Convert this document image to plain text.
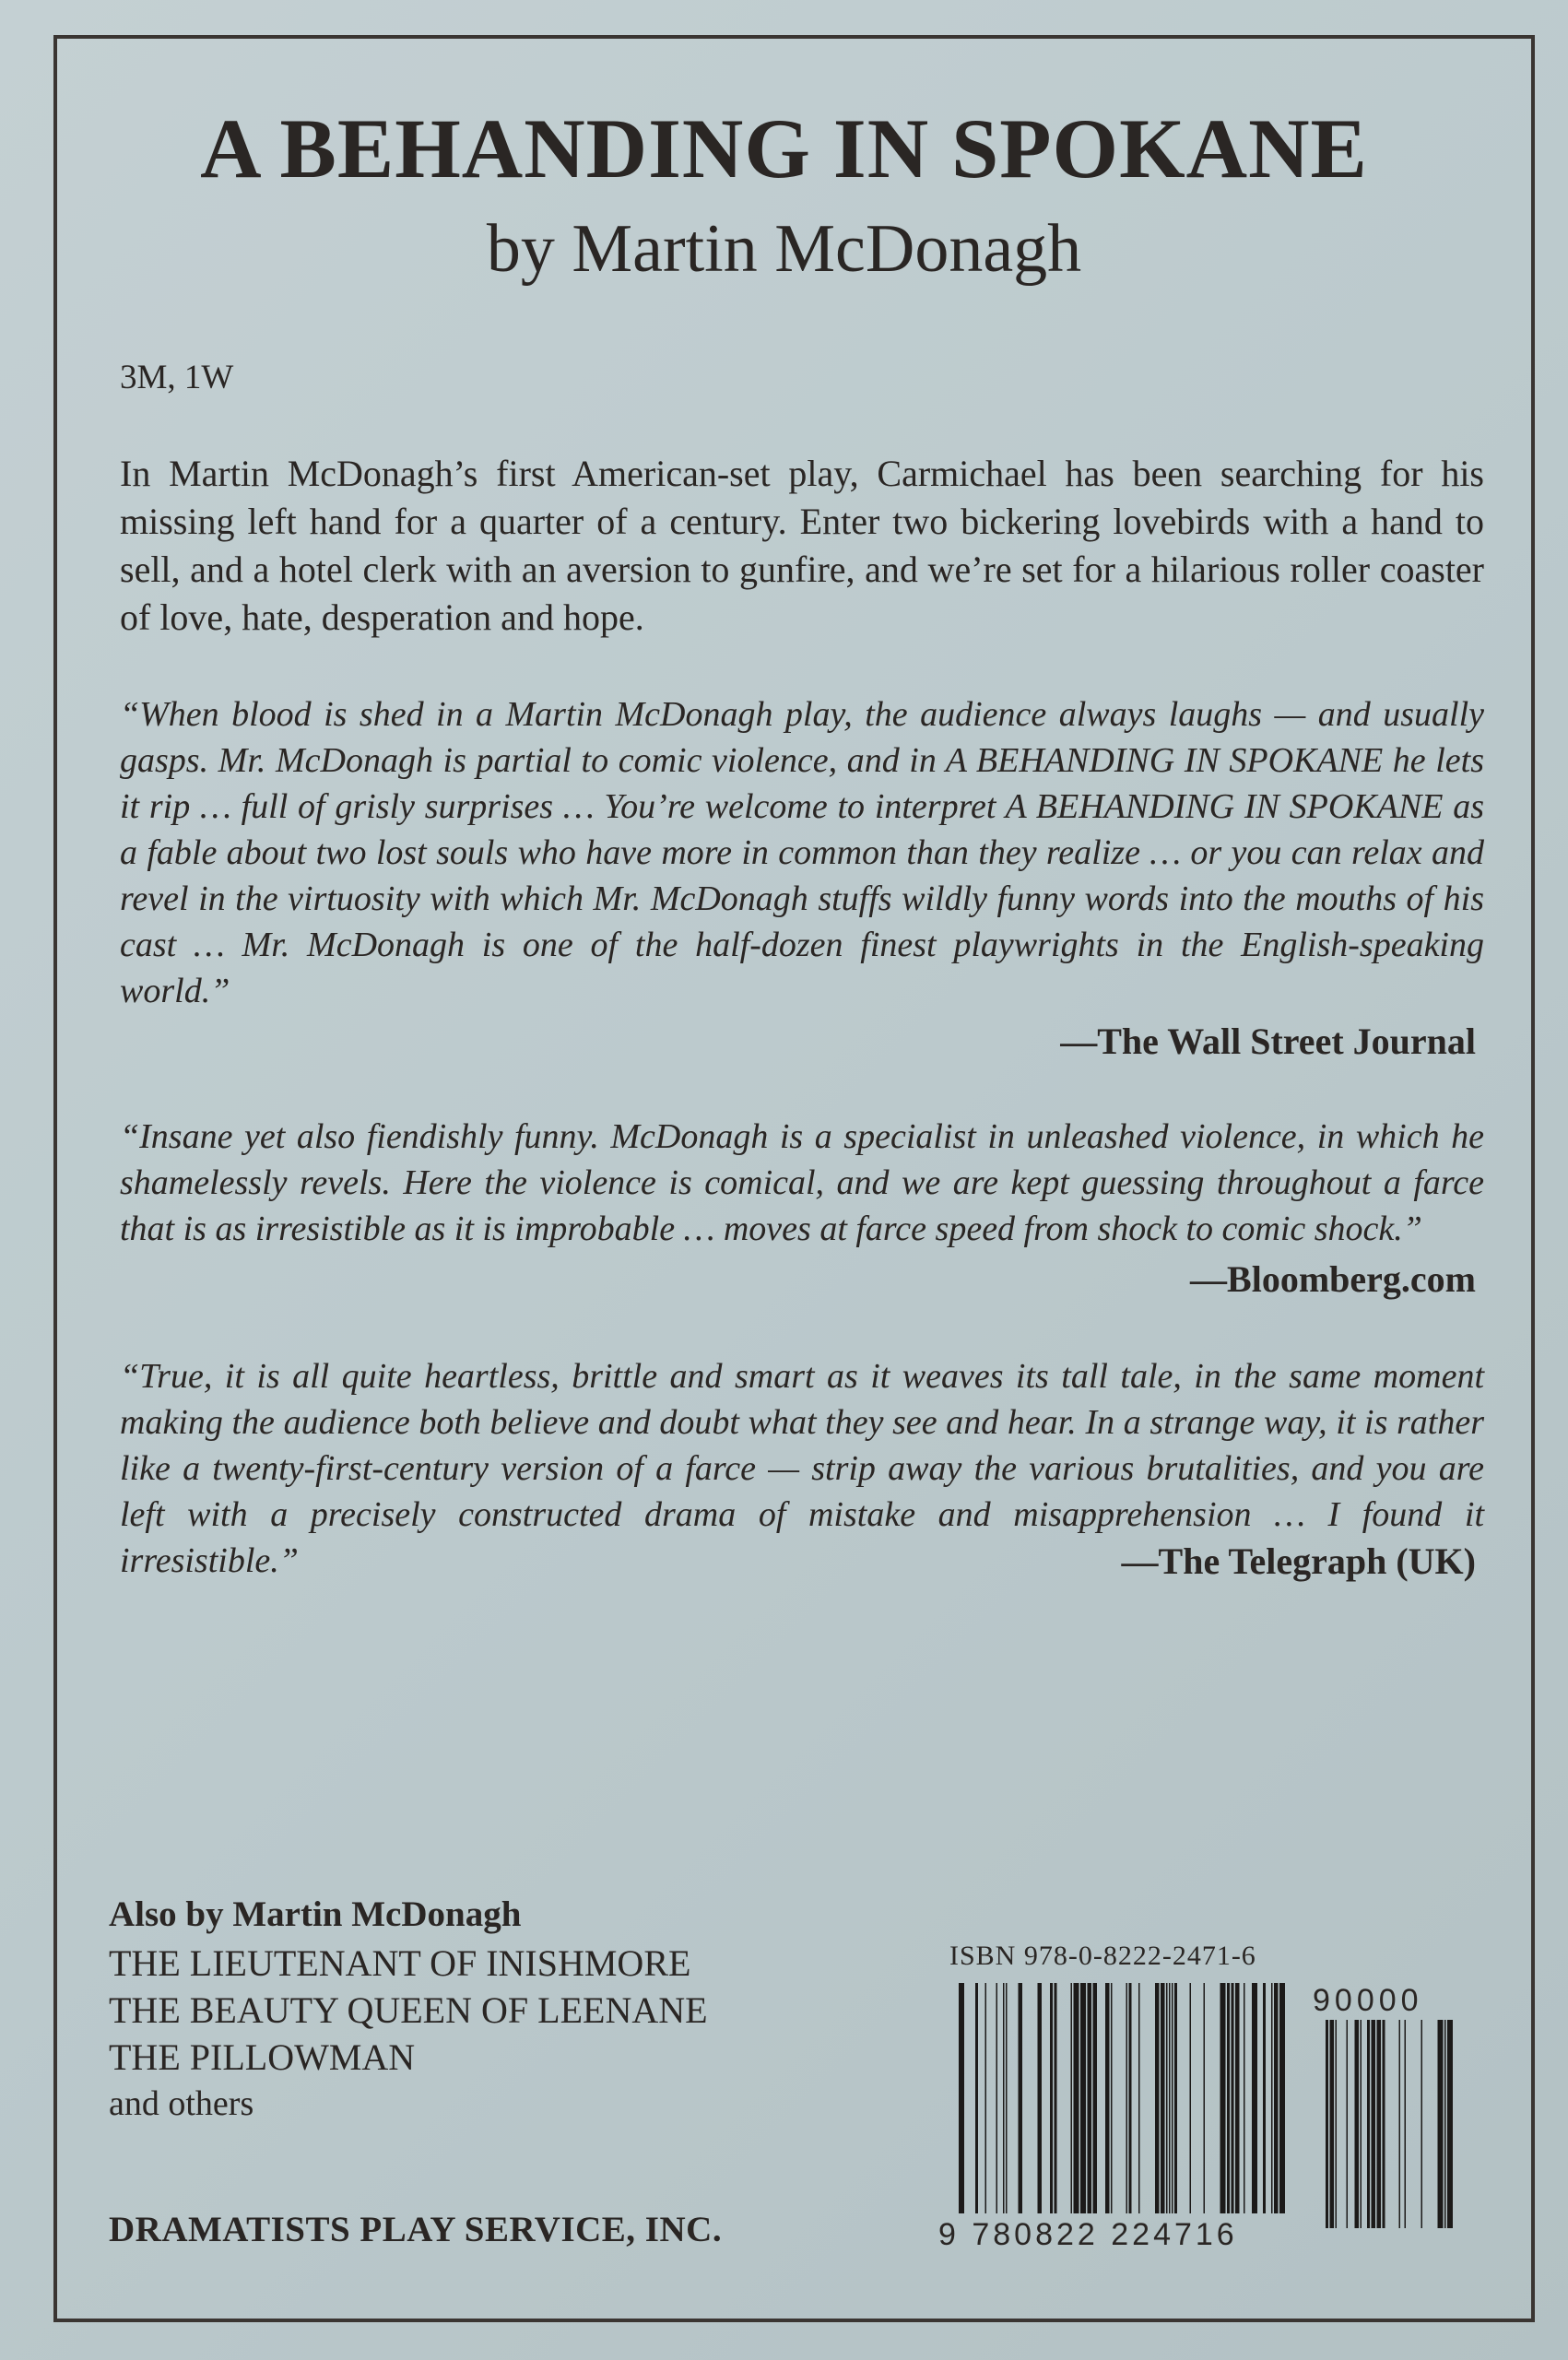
A BEHANDING IN SPOKANE
by Martin McDonagh
3M, 1W

In Martin McDonagh’s first American-set play, Carmichael has been searching for his missing left hand for a quarter of a century. Enter two bickering lovebirds with a hand to sell, and a hotel clerk with an aversion to gunfire, and we’re set for a hilarious roller coaster of love, hate, desperation and hope.

“When blood is shed in a Martin McDonagh play, the audience always laughs — and usually gasps. Mr. McDonagh is partial to comic violence, and in A BEHANDING IN SPOKANE he lets it rip … full of grisly surprises … You’re welcome to interpret A BEHANDING IN SPOKANE as a fable about two lost souls who have more in common than they realize … or you can relax and revel in the virtuosity with which Mr. McDonagh stuffs wildly funny words into the mouths of his cast … Mr. McDonagh is one of the half-dozen finest playwrights in the English-speaking world.”

—The Wall Street Journal

“Insane yet also fiendishly funny. McDonagh is a specialist in unleashed violence, in which he shamelessly revels. Here the violence is comical, and we are kept guessing throughout a farce that is as irresistible as it is improbable … moves at farce speed from shock to comic shock.”

—Bloomberg.com

“True, it is all quite heartless, brittle and smart as it weaves its tall tale, in the same moment making the audience both believe and doubt what they see and hear. In a strange way, it is rather like a twenty-first-century version of a farce — strip away the various brutalities, and you are left with a precisely constructed drama of mistake and misapprehension … I found it irresistible.”	—The Telegraph (UK)
Also by Martin McDonagh
THE LIEUTENANT OF INISHMORE
THE BEAUTY QUEEN OF LEENANE
THE PILLOWMAN
and others
DRAMATISTS PLAY SERVICE, INC.
ISBN 978-0-8222-2471-6
90000
9 780822 224716
